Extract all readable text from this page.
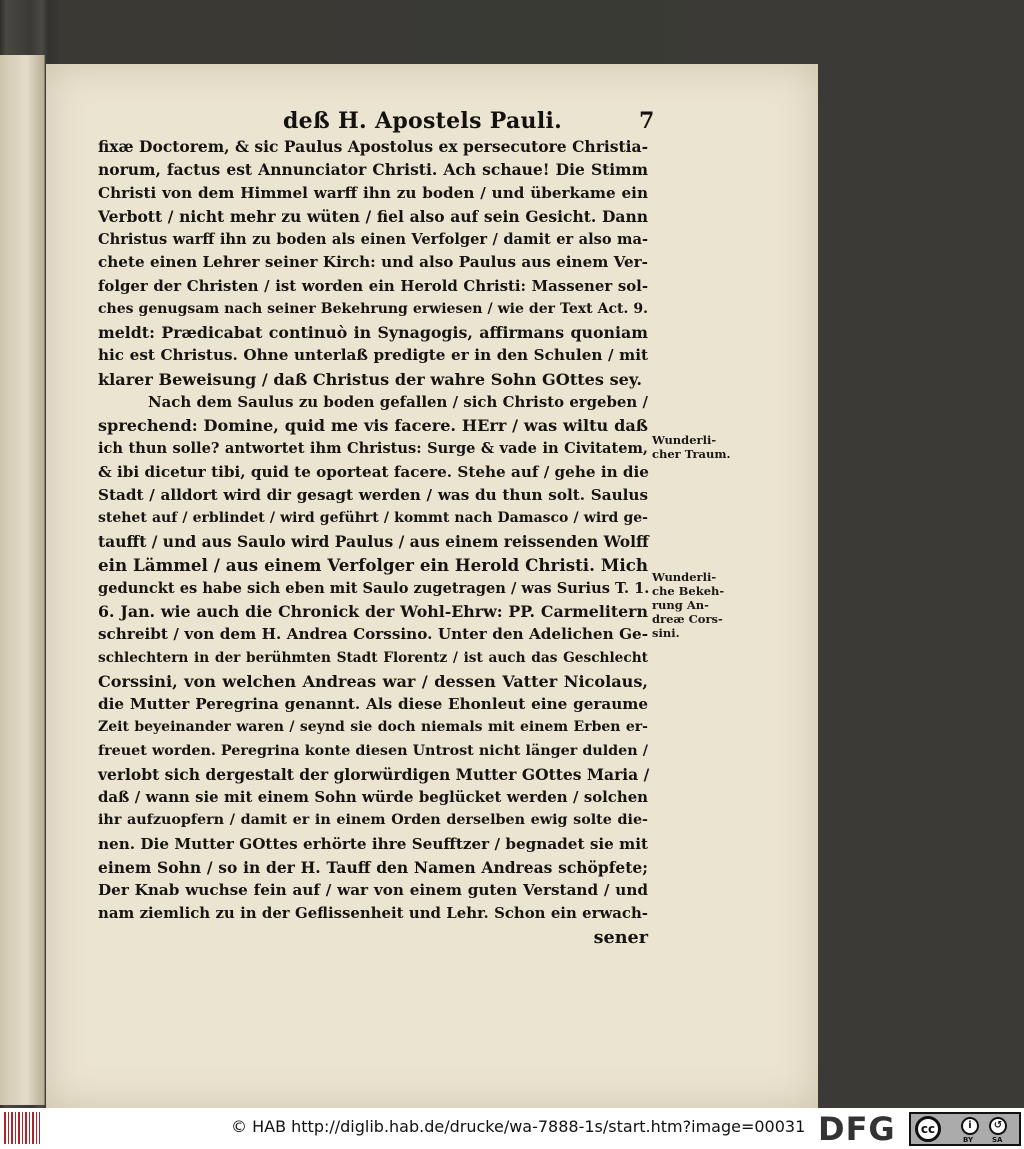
deß H. Apostels Pauli.	7
fixæ Doctorem, & sic Paulus Apostolus ex persecutore Christia-
norum, factus est Annunciator Christi. Ach schaue! Die Stimm
Christi von dem Himmel warff ihn zu boden / und überkame ein
Verbott / nicht mehr zu wüten / fiel also auf sein Gesicht. Dann
Christus warff ihn zu boden als einen Verfolger / damit er also ma-
chete einen Lehrer seiner Kirch: und also Paulus aus einem Ver-
folger der Christen / ist worden ein Herold Christi: Massener sol-
ches genugsam nach seiner Bekehrung erwiesen / wie der Text Act. 9.
meldt: Prædicabat continuò in Synagogis, affirmans quoniam
hic est Christus. Ohne unterlaß predigte er in den Schulen / mit
klarer Beweisung / daß Christus der wahre Sohn GOttes sey.
Nach dem Saulus zu boden gefallen / sich Christo ergeben /
sprechend: Domine, quid me vis facere. HErr / was wiltu daß
ich thun solle? antwortet ihm Christus: Surge & vade in Civitatem,
& ibi dicetur tibi, quid te oporteat facere. Stehe auf / gehe in die
Stadt / alldort wird dir gesagt werden / was du thun solt. Saulus
stehet auf / erblindet / wird geführt / kommt nach Damasco / wird ge-
taufft / und aus Saulo wird Paulus / aus einem reissenden Wolff
ein Lämmel / aus einem Verfolger ein Herold Christi. Mich
gedunckt es habe sich eben mit Saulo zugetragen / was Surius T. 1.
6. Jan. wie auch die Chronick der Wohl-Ehrw: PP. Carmelitern
schreibt / von dem H. Andrea Corssino. Unter den Adelichen Ge-
schlechtern in der berühmten Stadt Florentz / ist auch das Geschlecht
Corssini, von welchen Andreas war / dessen Vatter Nicolaus,
die Mutter Peregrina genannt. Als diese Ehonleut eine geraume
Zeit beyeinander waren / seynd sie doch niemals mit einem Erben er-
freuet worden. Peregrina konte diesen Untrost nicht länger dulden /
verlobt sich dergestalt der glorwürdigen Mutter GOttes Maria /
daß / wann sie mit einem Sohn würde beglücket werden / solchen
ihr aufzuopfern / damit er in einem Orden derselben ewig solte die-
nen. Die Mutter GOttes erhörte ihre Seufftzer / begnadet sie mit
einem Sohn / so in der H. Tauff den Namen Andreas schöpfete;
Der Knab wuchse fein auf / war von einem guten Verstand / und
nam ziemlich zu in der Geflissenheit und Lehr. Schon ein erwach-
sener
Wunderli-
cher Traum.
Wunderli-
che Bekeh-
rung An-
dreæ Cors-
sini.
© HAB http://diglib.hab.de/drucke/wa-7888-1s/start.htm?image=00031 DFG	cc	i	↺
BY	SA
